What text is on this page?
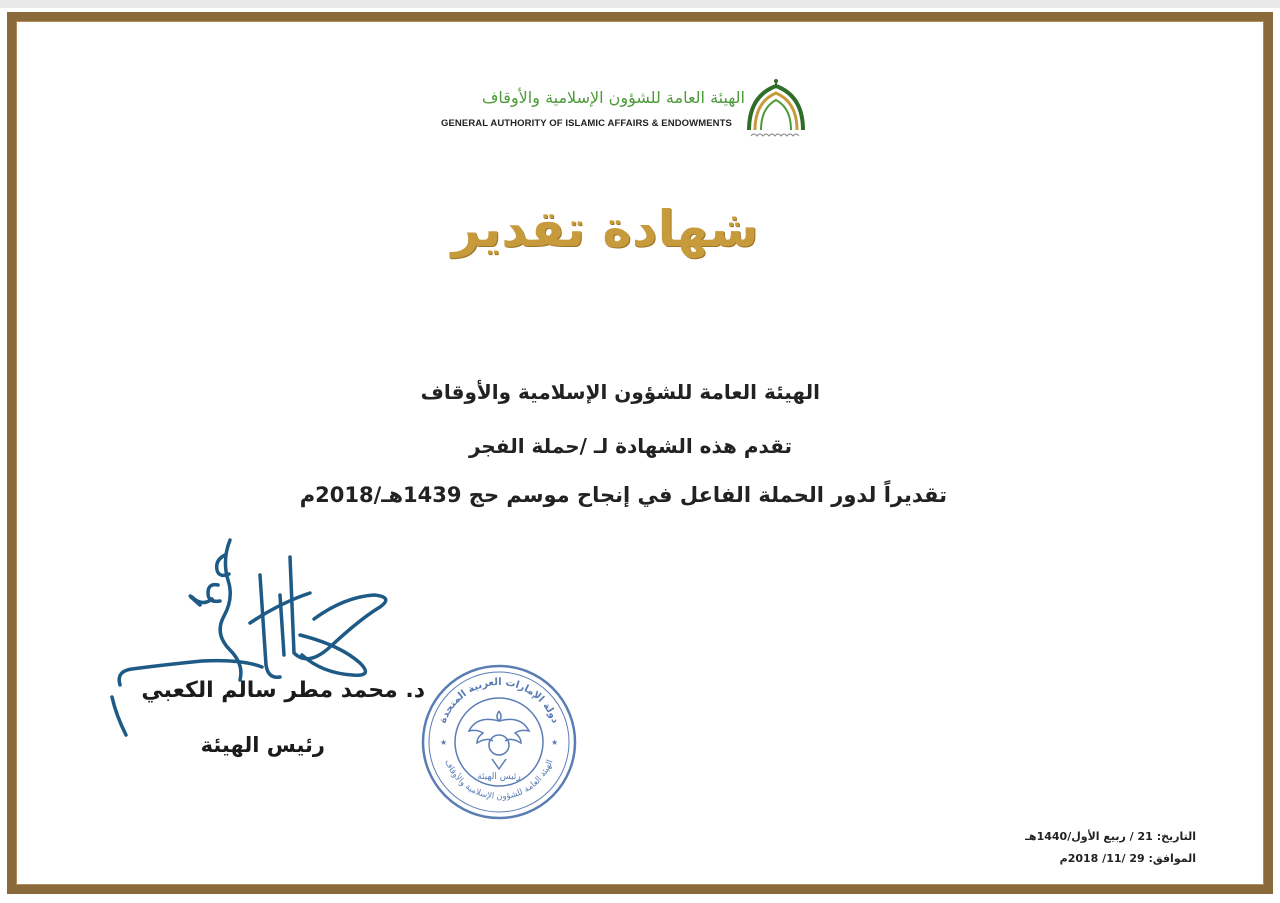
الهيئة العامة للشؤون الإسلامية والأوقاف
GENERAL AUTHORITY OF ISLAMIC AFFAIRS & ENDOWMENTS
شهادة تقدير
الهيئة العامة للشؤون الإسلامية والأوقاف
تقدم هذه الشهادة لـ /حملة الفجر
تقديراً لدور الحملة الفاعل في إنجاح موسم حج 1439هـ/2018م
د. محمد مطر سالم الكعبي
رئيس الهيئة
دولة الإمارات العربية المتحدة
الهيئة العامة للشؤون الإسلامية والأوقاف
★	★
رئيس الهيئة
التاريخ: 21 / ربيع الأول/1440هـ
الموافق: 29 /11/ 2018م
